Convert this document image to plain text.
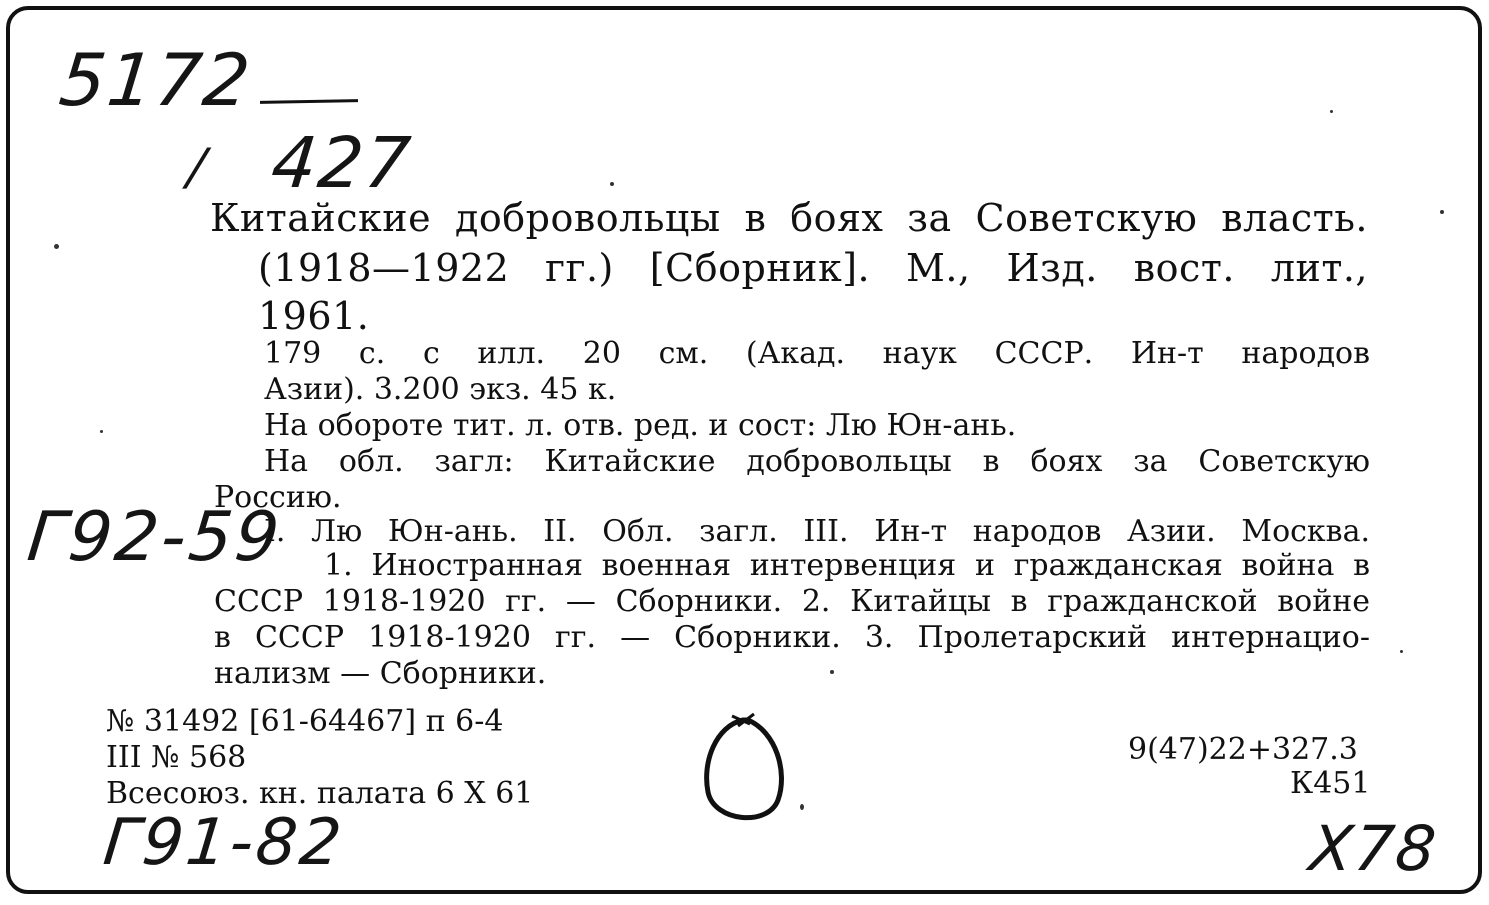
5172
/ 427
Г92-59
Г91-82	X78
Китайские добровольцы в боях за Советскую власть.
(1918—1922 гг.) [Сборник]. М., Изд. вост. лит.,
1961.
179 с. с илл. 20 см. (Акад. наук СССР. Ин-т народов
Азии). 3.200 экз. 45 к.
На обороте тит. л. отв. ред. и сост: Лю Юн-ань.
На обл. загл: Китайские добровольцы в боях за Советскую
Россию.
I. Лю Юн-ань. II. Обл. загл. III. Ин-т народов Азии. Москва.
1. Иностранная военная интервенция и гражданская война в
СССР 1918-1920 гг. — Сборники. 2. Китайцы в гражданской войне
в СССР 1918-1920 гг. — Сборники. 3. Пролетарский интернацио-
нализм — Сборники.
№ 31492 [61-64467] п 6-4
III № 568
Всесоюз. кн. палата 6 Х 61
9(47)22+327.3
К451
